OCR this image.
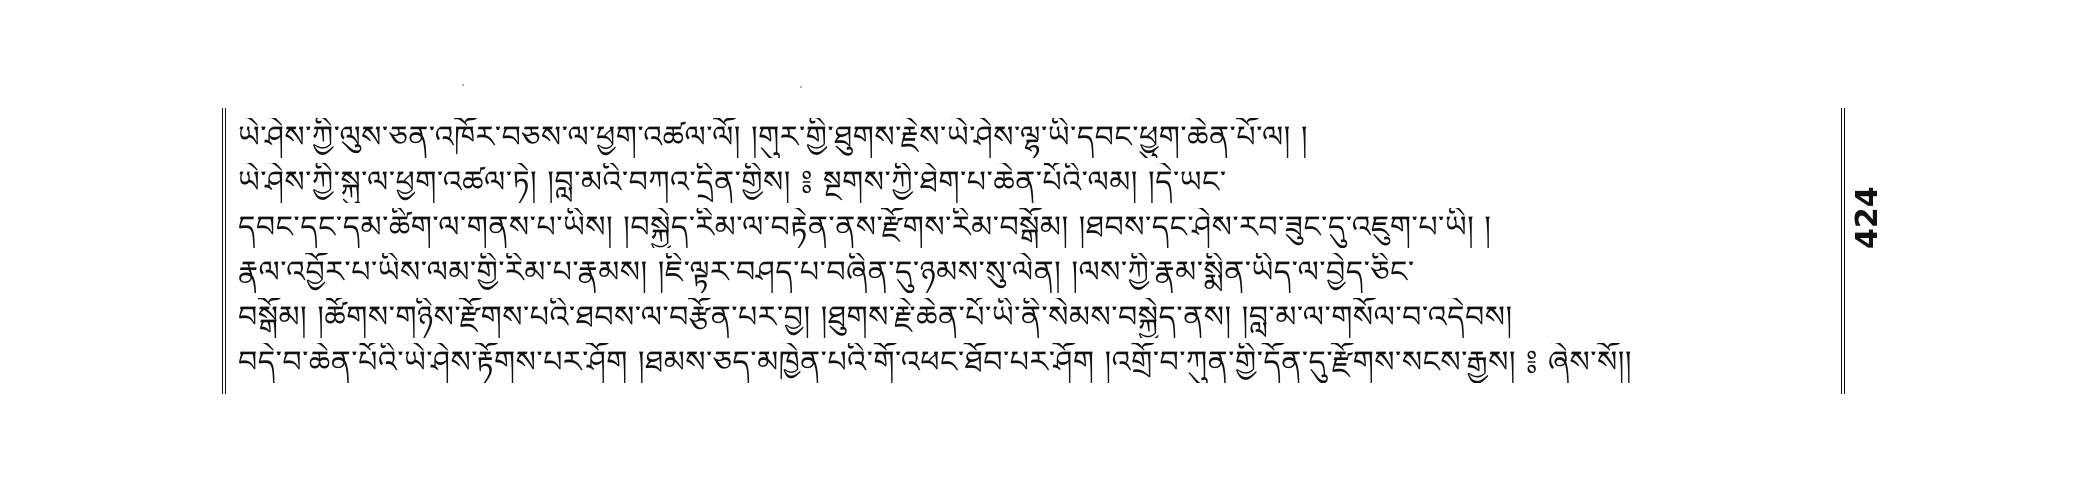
ཡེ་ཤེས་ཀྱི་ལུས་ཅན་འཁོར་བཅས་ལ་ཕྱག་འཚལ་ལོ། །གུར་གྱི་ཐུགས་རྗེས་ཡེ་ཤེས་ལྷ་ཡི་དབང་ཕྱུག་ཆེན་པོ་ལ། །
ཡེ་ཤེས་ཀྱི་སྐུ་ལ་ཕྱག་འཚལ་ཏེ། །བླ་མའི་བཀའ་དྲིན་གྱིས། ༔ སྔགས་ཀྱི་ཐེག་པ་ཆེན་པོའི་ལམ། །དེ་ཡང་
དབང་དང་དམ་ཚིག་ལ་གནས་པ་ཡིས། །བསྐྱེད་རིམ་ལ་བརྟེན་ནས་རྫོགས་རིམ་བསྒོམ། །ཐབས་དང་ཤེས་རབ་ཟུང་དུ་འཇུག་པ་ཡི། །
རྣལ་འབྱོར་པ་ཡིས་ལམ་གྱི་རིམ་པ་རྣམས། །ཇི་ལྟར་བཤད་པ་བཞིན་དུ་ཉམས་སུ་ལེན། །ལས་ཀྱི་རྣམ་སྨིན་ཡིད་ལ་བྱེད་ཅིང་
བསྒོམ། །ཚོགས་གཉིས་རྫོགས་པའི་ཐབས་ལ་བརྩོན་པར་བྱ། །ཐུགས་རྗེ་ཆེན་པོ་ཡི་ནི་སེམས་བསྐྱེད་ནས། །བླ་མ་ལ་གསོལ་བ་འདེབས།
བདེ་བ་ཆེན་པོའི་ཡེ་ཤེས་རྟོགས་པར་ཤོག །ཐམས་ཅད་མཁྱེན་པའི་གོ་འཕང་ཐོབ་པར་ཤོག །འགྲོ་བ་ཀུན་གྱི་དོན་དུ་རྫོགས་སངས་རྒྱས། ༔ ཞེས་སོ།།
424
